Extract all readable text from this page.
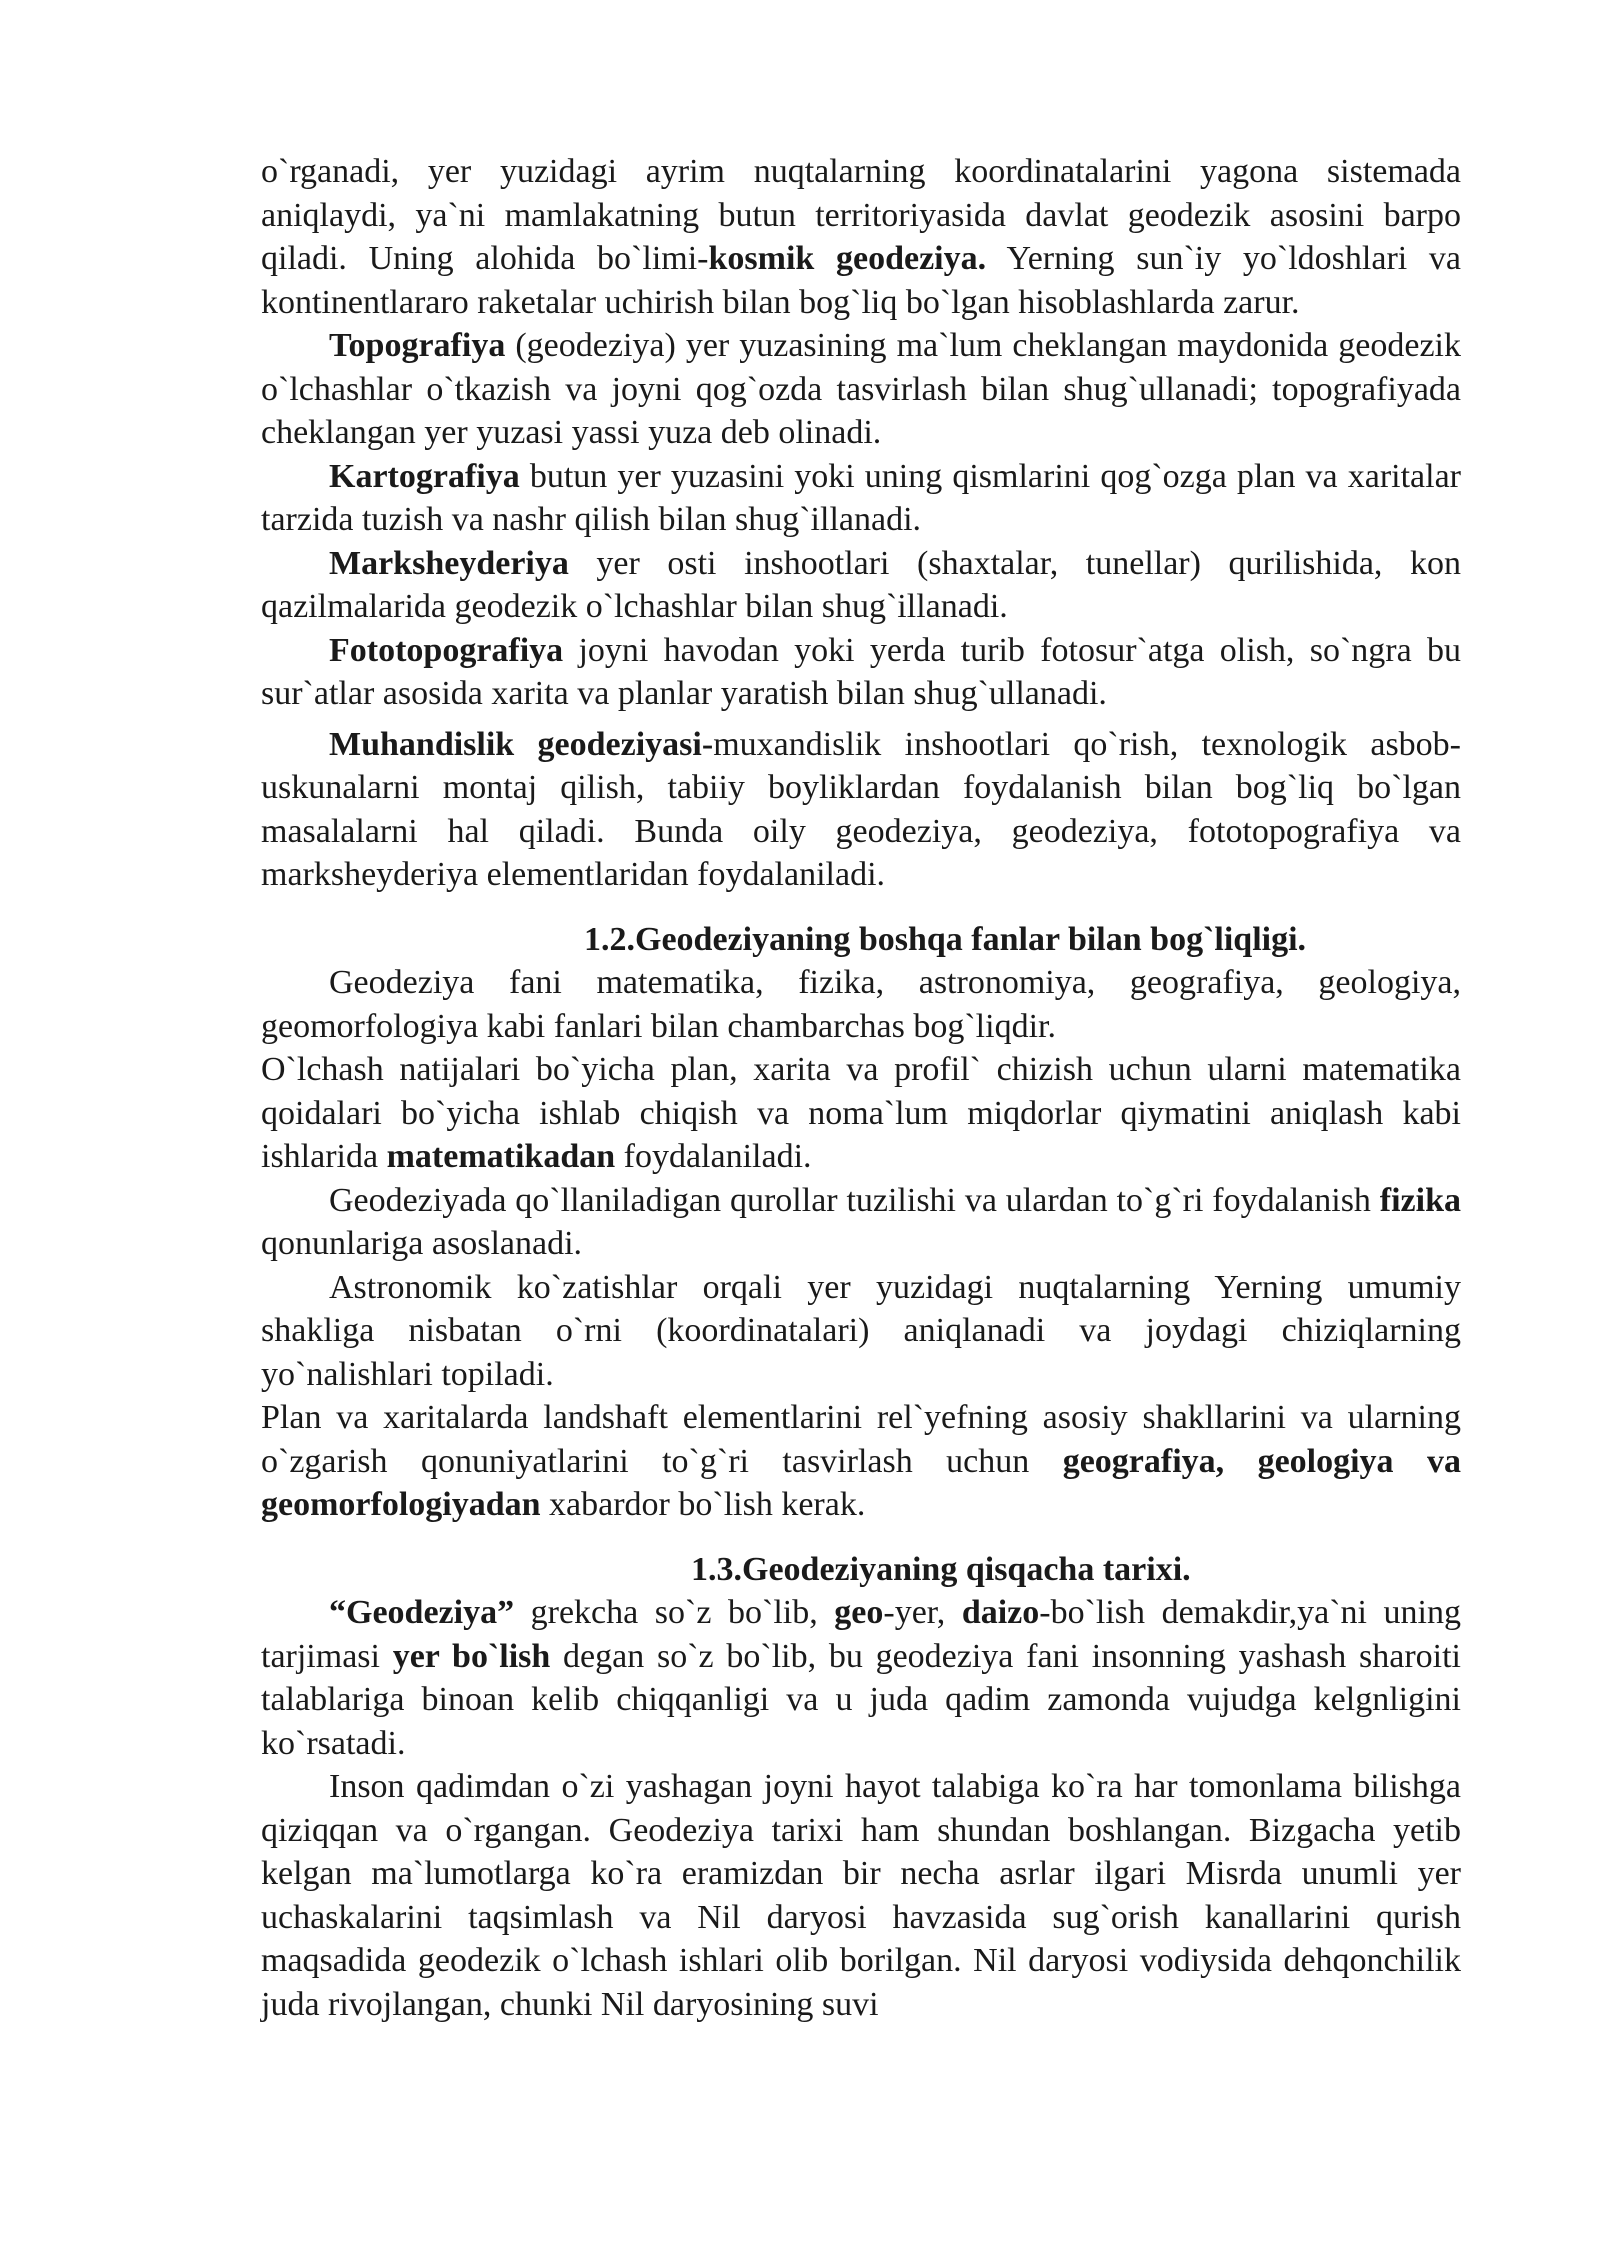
o`rganadi, yer yuzidagi ayrim nuqtalarning koordinatalarini yagona sistemada aniqlaydi, ya`ni mamlakatning butun territoriyasida davlat geodezik asosini barpo qiladi. Uning alohida bo`limi-kosmik geodeziya. Yerning sun`iy yo`ldoshlari va kontinentlararo raketalar uchirish bilan bog`liq bo`lgan hisoblashlarda zarur.

Topografiya (geodeziya) yer yuzasining ma`lum cheklangan maydonida geodezik o`lchashlar o`tkazish va joyni qog`ozda tasvirlash bilan shug`ullanadi; topografiyada cheklangan yer yuzasi yassi yuza deb olinadi.

Kartografiya butun yer yuzasini yoki uning qismlarini qog`ozga plan va xaritalar tarzida tuzish va nashr qilish bilan shug`illanadi.

Marksheyderiya yer osti inshootlari (shaxtalar, tunellar) qurilishida, kon qazilmalarida geodezik o`lchashlar bilan shug`illanadi.

Fototopografiya joyni havodan yoki yerda turib fotosur`atga olish, so`ngra bu sur`atlar asosida xarita va planlar yaratish bilan shug`ullanadi.

Muhandislik geodeziyasi-muxandislik inshootlari qo`rish, texnologik asbob-uskunalarni montaj qilish, tabiiy boyliklardan foydalanish bilan bog`liq bo`lgan masalalarni hal qiladi. Bunda oily geodeziya, geodeziya, fototopografiya va marksheyderiya elementlaridan foydalaniladi.

1.2.Geodeziyaning boshqa fanlar bilan bog`liqligi.

Geodeziya fani matematika, fizika, astronomiya, geografiya, geologiya, geomorfologiya kabi fanlari bilan chambarchas bog`liqdir.

O`lchash natijalari bo`yicha plan, xarita va profil` chizish uchun ularni matematika qoidalari bo`yicha ishlab chiqish va noma`lum miqdorlar qiymatini aniqlash kabi ishlarida matematikadan foydalaniladi.

Geodeziyada qo`llaniladigan qurollar tuzilishi va ulardan to`g`ri foydalanish fizika qonunlariga asoslanadi.

Astronomik ko`zatishlar orqali yer yuzidagi nuqtalarning Yerning umumiy shakliga nisbatan o`rni (koordinatalari) aniqlanadi va joydagi chiziqlarning yo`nalishlari topiladi.

Plan va xaritalarda landshaft elementlarini rel`yefning asosiy shakllarini va ularning o`zgarish qonuniyatlarini to`g`ri tasvirlash uchun geografiya, geologiya va geomorfologiyadan xabardor bo`lish kerak.

1.3.Geodeziyaning qisqacha tarixi.

“Geodeziya” grekcha so`z bo`lib, geo-yer, daizo-bo`lish demakdir,ya`ni uning tarjimasi yer bo`lish degan so`z bo`lib, bu geodeziya fani insonning yashash sharoiti talablariga binoan kelib chiqqanligi va u juda qadim zamonda vujudga kelgnligini ko`rsatadi.

Inson qadimdan o`zi yashagan joyni hayot talabiga ko`ra har tomonlama bilishga qiziqqan va o`rgangan. Geodeziya tarixi ham shundan boshlangan. Bizgacha yetib kelgan ma`lumotlarga ko`ra eramizdan bir necha asrlar ilgari Misrda unumli yer uchaskalarini taqsimlash va Nil daryosi havzasida sug`orish kanallarini qurish maqsadida geodezik o`lchash ishlari olib borilgan. Nil daryosi vodiysida dehqonchilik juda rivojlangan, chunki Nil daryosining suvi
